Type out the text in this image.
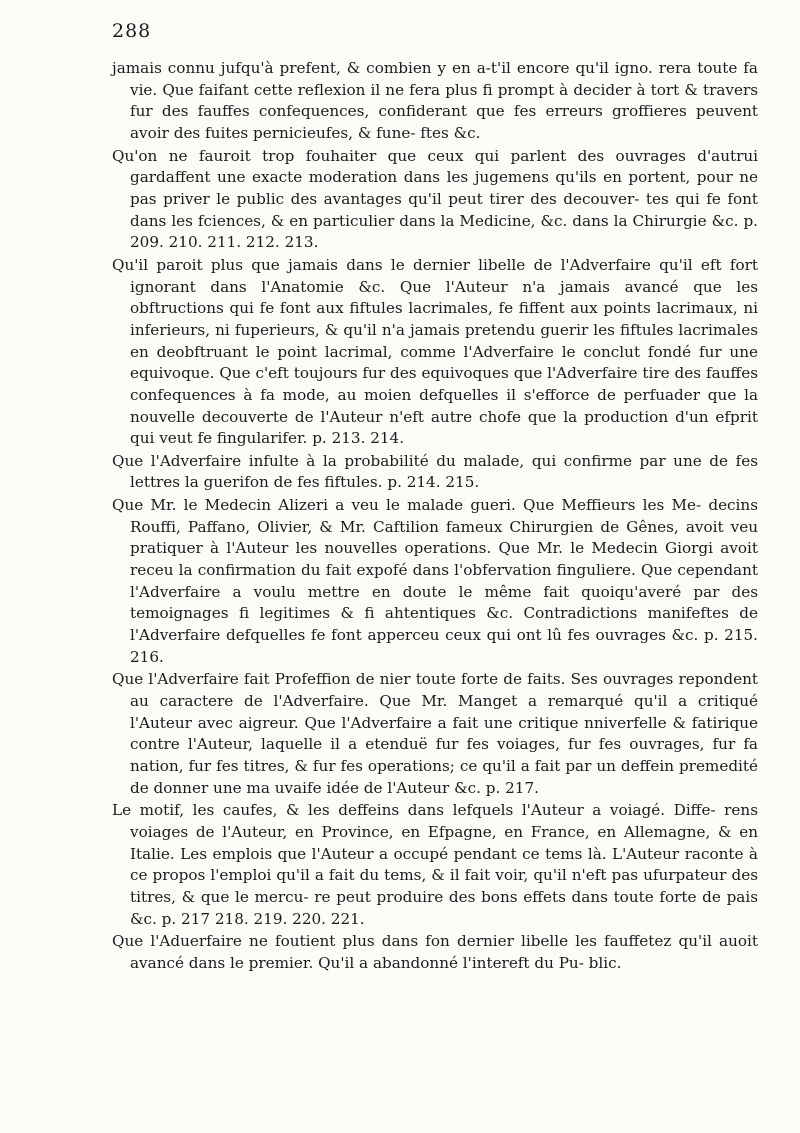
288

jamais connu jufqu'à prefent, & combien y en a-t'il encore qu'il igno. rera toute fa vie. Que faifant cette reflexion il ne fera plus fi prompt à decider à tort & travers fur des fauffes confequences, confiderant que fes erreurs groffieres peuvent avoir des fuites pernicieufes, & fune- ftes &c.

Qu'on ne fauroit trop fouhaiter que ceux qui parlent des ouvrages d'autrui gardaffent une exacte moderation dans les jugemens qu'ils en portent, pour ne pas priver le public des avantages qu'il peut tirer des decouver- tes qui fe font dans les fciences, & en particulier dans la Medicine, &c. dans la Chirurgie &c. p. 209. 210. 211. 212. 213.

Qu'il paroit plus que jamais dans le dernier libelle de l'Adverfaire qu'il eft fort ignorant dans l'Anatomie &c. Que l'Auteur n'a jamais avancé que les obftructions qui fe font aux fiftules lacrimales, fe fiffent aux points lacrimaux, ni inferieurs, ni fuperieurs, & qu'il n'a jamais pretendu guerir les fiftules lacrimales en deobftruant le point lacrimal, comme l'Adverfaire le conclut fondé fur une equivoque. Que c'eft toujours fur des equivoques que l'Adverfaire tire des fauffes confequences à fa mode, au moien defquelles il s'efforce de perfuader que la nouvelle decouverte de l'Auteur n'eft autre chofe que la production d'un efprit qui veut fe fingularifer. p. 213. 214.

Que l'Adverfaire infulte à la probabilité du malade, qui confirme par une de fes lettres la guerifon de fes fiftules. p. 214. 215.

Que Mr. le Medecin Alizeri a veu le malade gueri. Que Meffieurs les Me- decins Rouffi, Paffano, Olivier, & Mr. Caftilion fameux Chirurgien de Gênes, avoit veu pratiquer à l'Auteur les nouvelles operations. Que Mr. le Medecin Giorgi avoit receu la confirmation du fait expofé dans l'obfervation finguliere. Que cependant l'Adverfaire a voulu mettre en doute le même fait quoiqu'averé par des temoignages fi legitimes & fi ahtentiques &c. Contradictions manifeftes de l'Adverfaire defquelles fe font apperceu ceux qui ont lû fes ouvrages &c. p. 215. 216.

Que l'Adverfaire fait Profeffion de nier toute forte de faits. Ses ouvrages repondent au caractere de l'Adverfaire. Que Mr. Manget a remarqué qu'il a critiqué l'Auteur avec aigreur. Que l'Adverfaire a fait une critique nniverfelle & fatirique contre l'Auteur, laquelle il a etenduë fur fes voiages, fur fes ouvrages, fur fa nation, fur fes titres, & fur fes operations; ce qu'il a fait par un deffein premedité de donner une ma uvaife idée de l'Auteur &c. p. 217.

Le motif, les caufes, & les deffeins dans lefquels l'Auteur a voiagé. Diffe- rens voiages de l'Auteur, en Province, en Efpagne, en France, en Allemagne, & en Italie. Les emplois que l'Auteur a occupé pendant ce tems là. L'Auteur raconte à ce propos l'emploi qu'il a fait du tems, & il fait voir, qu'il n'eft pas ufurpateur des titres, & que le mercu- re peut produire des bons effets dans toute forte de pais &c. p. 217 218. 219. 220. 221.

Que l'Aduerfaire ne foutient plus dans fon dernier libelle les fauffetez qu'il auoit avancé dans le premier. Qu'il a abandonné l'intereft du Pu- blic.
